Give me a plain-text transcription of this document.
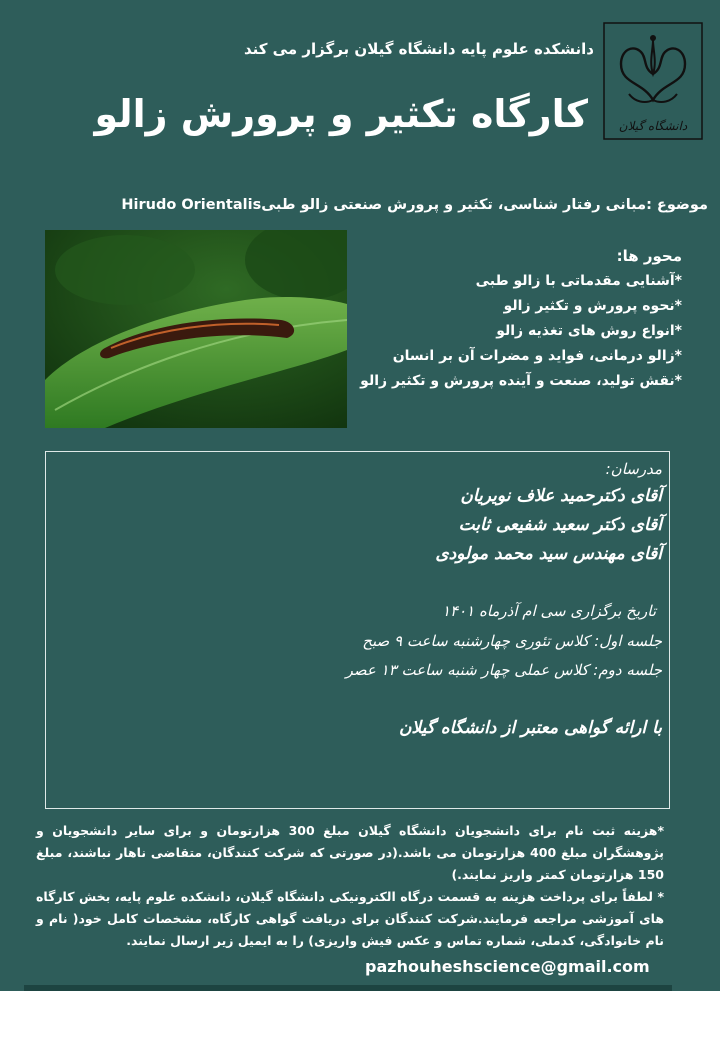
دانشگاه گیلان
دانشکده علوم پایه دانشگاه گیلان برگزار می کند
کارگاه تکثیر و پرورش زالو
موضوع :مبانی رفتار شناسی، تکثیر و پرورش صنعتی زالو طبیHirudo Orientalis
محور ها:
*آشنایی مقدماتی با زالو طبی
*نحوه پرورش و تکثیر زالو
*انواع روش های تغذیه زالو
*زالو درمانی، فواید و مضرات آن بر انسان
*نقش تولید، صنعت و آینده پرورش و تکثیر زالو
مدرسان:
آقای دکترحمید علاف نویریان
آقای دکتر سعید شفیعی ثابت
آقای مهندس سید محمد مولودی
تاریخ برگزاری سی ام آذرماه ۱۴۰۱
جلسه اول: کلاس تئوری چهارشنبه ساعت ۹ صبح
جلسه دوم: کلاس عملی چهار شنبه ساعت ۱۳ عصر
با ارائه گواهی معتبر از دانشگاه گیلان
*هزینه ثبت نام برای دانشجویان دانشگاه گیلان مبلغ 300 هزارتومان و برای سایر دانشجویان و پژوهشگران مبلغ 400 هزارتومان می باشد.(در صورتی که شرکت کنندگان، متقاضی ناهار نباشند، مبلغ 150 هزارتومان کمتر واریز نمایند.)
* لطفاً برای پرداخت هزینه به قسمت درگاه الکترونیکی دانشگاه گیلان، دانشکده علوم پایه، بخش کارگاه های آموزشی مراجعه فرمایند.شرکت کنندگان برای دریافت گواهی کارگاه، مشخصات کامل خود( نام و نام خانوادگی، کدملی، شماره تماس و عکس فیش واریزی) را به ایمیل زیر ارسال نمایند.
pazhouheshscience@gmail.com
